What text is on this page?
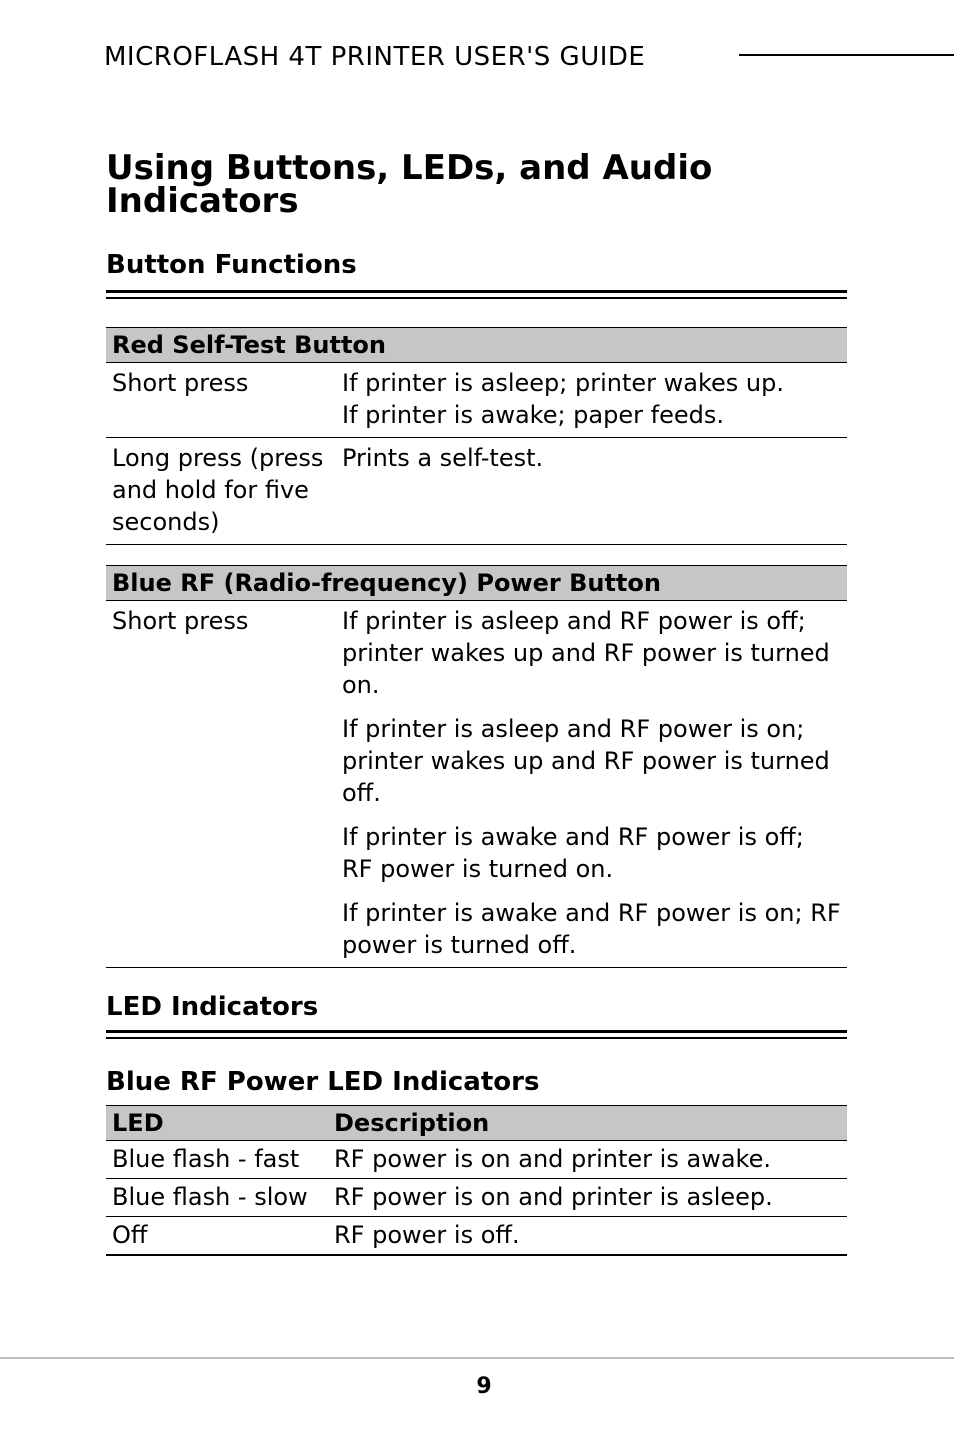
MICROFLASH 4T PRINTER USER'S GUIDE
Using Buttons, LEDs, and Audio Indicators
Button Functions
Red Self-Test Button	
Short press	If printer is asleep; printer wakes up.
If printer is awake; paper feeds.

Long press (press and hold for five seconds)	Prints a self-test.
Blue RF (Radio-frequency) Power Button
Short press	If printer is asleep and RF power is off; printer wakes up and RF power is turned on.

If printer is asleep and RF power is on; printer wakes up and RF power is turned off.

If printer is awake and RF power is off; RF power is turned on.

If printer is awake and RF power is on; RF power is turned off.

LED Indicators
Blue RF Power LED Indicators
LED	Description
Blue flash - fast	RF power is on and printer is awake.
Blue flash - slow	RF power is on and printer is asleep.
Off	RF power is off.
9
